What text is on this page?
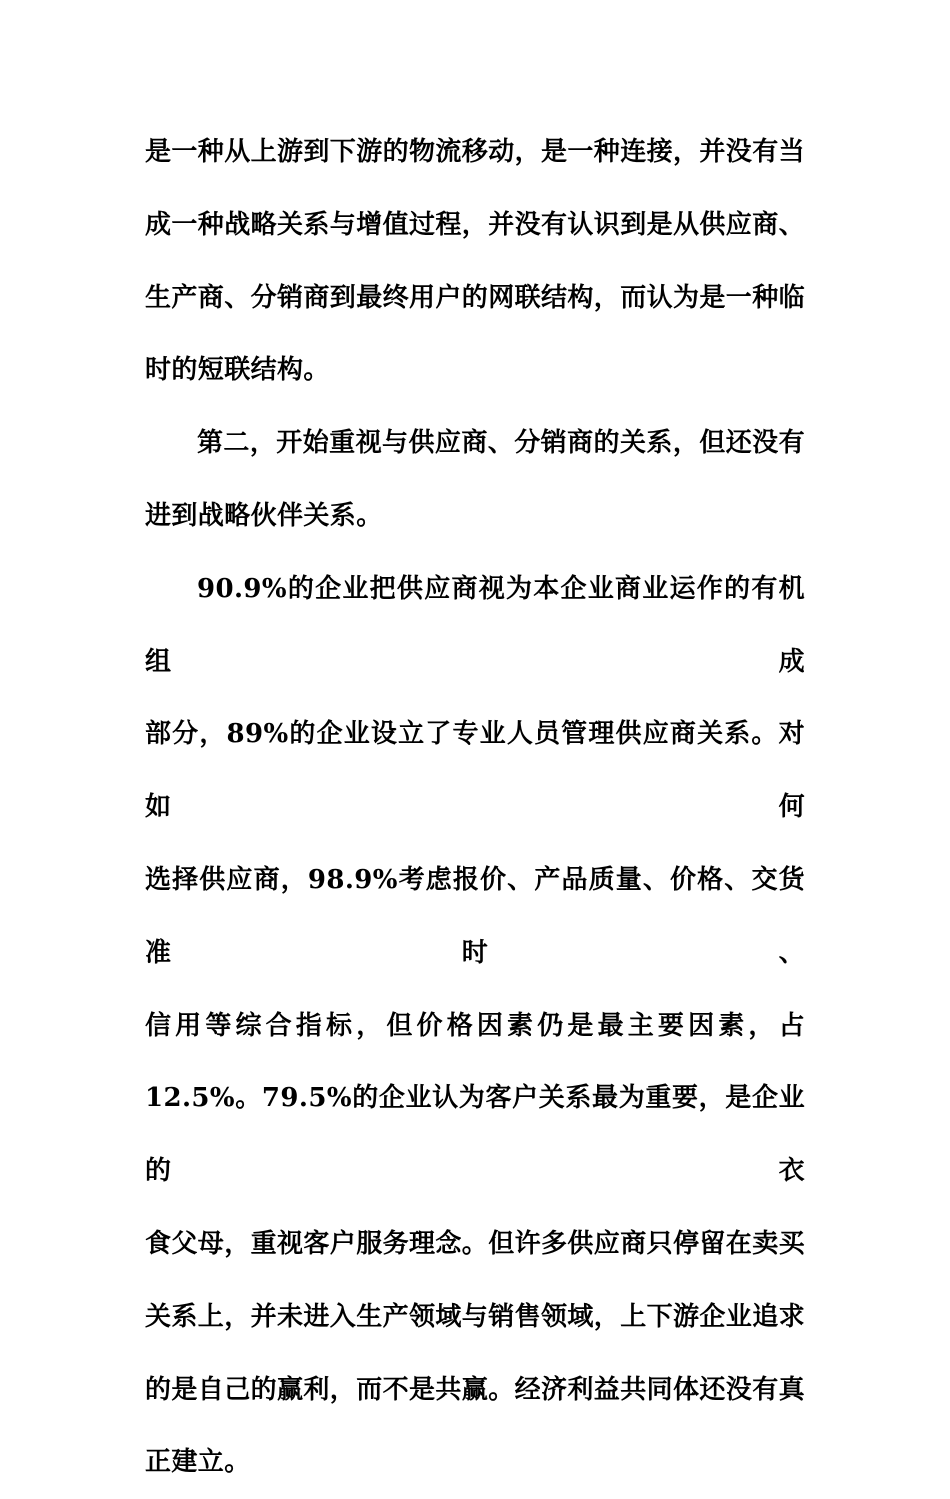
是一种从上游到下游的物流移动，是一种连接，并没有当
成一种战略关系与增值过程，并没有认识到是从供应商、
生产商、分销商到最终用户的网联结构，而认为是一种临
时的短联结构。
第二，开始重视与供应商、分销商的关系，但还没有
进到战略伙伴关系。
90.9%的企业把供应商视为本企业商业运作的有机组成
部分，89%的企业设立了专业人员管理供应商关系。对如何
选择供应商，98.9%考虑报价、产品质量、价格、交货准时、
信用等综合指标，但价格因素仍是最主要因素，占
12.5%。79.5%的企业认为客户关系最为重要，是企业的衣
食父母，重视客户服务理念。但许多供应商只停留在卖买
关系上，并未进入生产领域与销售领域，上下游企业追求
的是自己的赢利，而不是共赢。经济利益共同体还没有真
正建立。
